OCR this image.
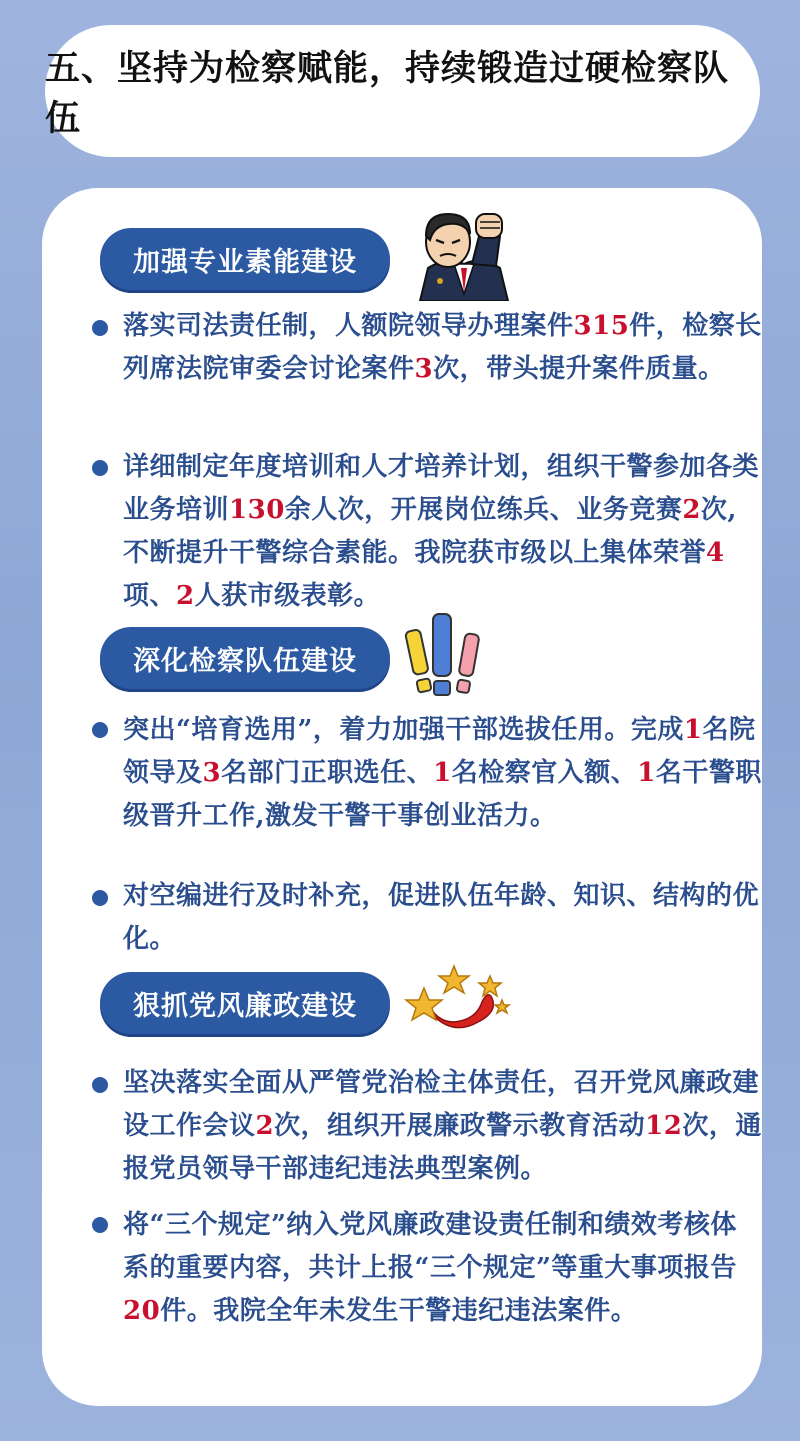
五、坚持为检察赋能，持续锻造过硬检察队伍
加强专业素能建设
落实司法责任制，人额院领导办理案件315件，检察长列席法院审委会讨论案件3次，带头提升案件质量。
详细制定年度培训和人才培养计划，组织干警参加各类业务培训130余人次，开展岗位练兵、业务竞赛2次,不断提升干警综合素能。我院获市级以上集体荣誉4项、2人获市级表彰。
深化检察队伍建设
突出“培育选用”，着力加强干部选拔任用。完成1名院领导及3名部门正职选任、1名检察官入额、1名干警职级晋升工作,激发干警干事创业活力。
对空编进行及时补充，促进队伍年龄、知识、结构的优化。
狠抓党风廉政建设
坚决落实全面从严管党治检主体责任，召开党风廉政建设工作会议2次，组织开展廉政警示教育活动12次，通报党员领导干部违纪违法典型案例。
将“三个规定”纳入党风廉政建设责任制和绩效考核体系的重要内容，共计上报“三个规定”等重大事项报告20件。我院全年未发生干警违纪违法案件。
